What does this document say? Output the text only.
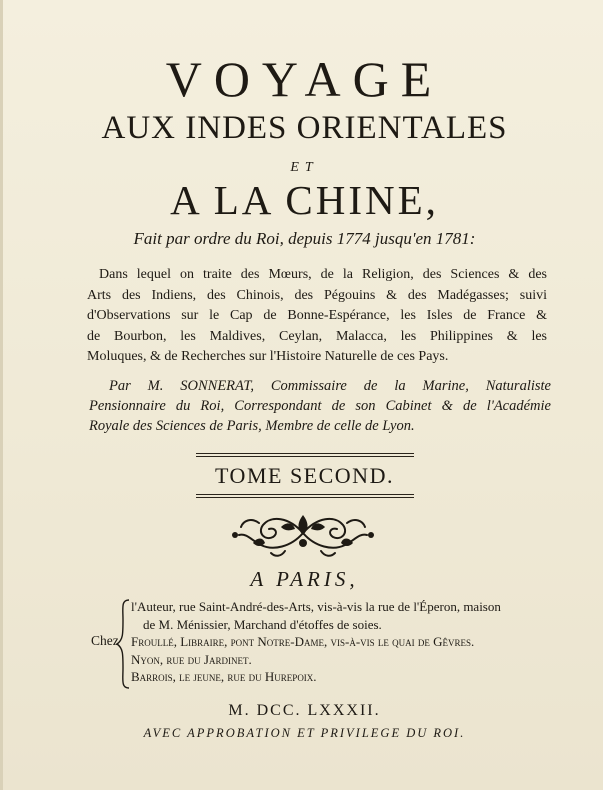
VOYAGE
AUX INDES ORIENTALES
ET
A LA CHINE,
Fait par ordre du Roi, depuis 1774 jusqu'en 1781:
Dans lequel on traite des Mœurs, de la Religion, des Sciences & des
Arts des Indiens, des Chinois, des Pégouins & des Madégasses; suivi
d'Observations sur le Cap de Bonne-Espérance, les Isles de France &
de Bourbon, les Maldives, Ceylan, Malacca, les Philippines & les
Moluques, & de Recherches sur l'Histoire Naturelle de ces Pays.
Par M. SONNERAT, Commissaire de la Marine, Naturaliste
Pensionnaire du Roi, Correspondant de son Cabinet & de l'Académie
Royale des Sciences de Paris, Membre de celle de Lyon.
TOME SECOND.
A PARIS,
Chez
l'Auteur, rue Saint-André-des-Arts, vis-à-vis la rue de l'Éperon, maison
de M. Ménissier, Marchand d'étoffes de soies.
Froullé, Libraire, pont Notre-Dame, vis-à-vis le quai de Gêvres.
Nyon, rue du Jardinet.
Barrois, le jeune, rue du Hurepoix.
M. DCC. LXXXII.
AVEC APPROBATION ET PRIVILEGE DU ROI.
